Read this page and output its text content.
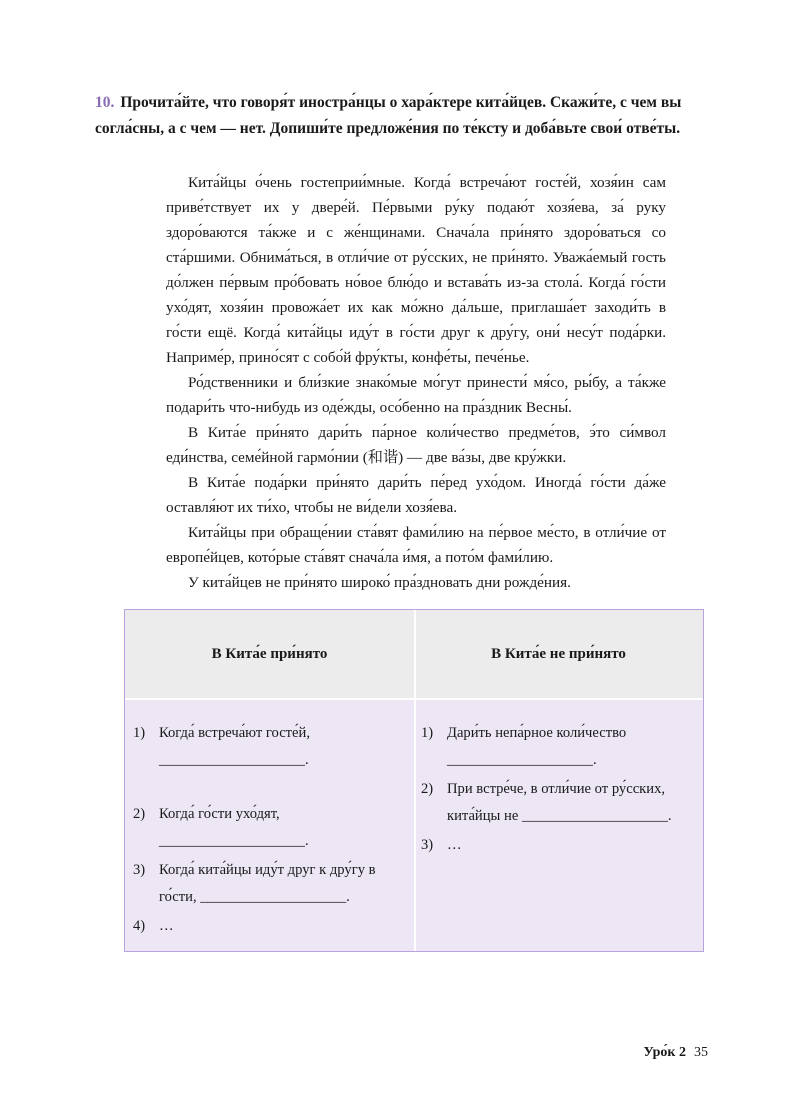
10. Прочита́йте, что говоря́т иностра́нцы о хара́ктере кита́йцев. Скажи́те, с чем вы согла́сны, а с чем — нет. Допиши́те предложе́ния по те́ксту и доба́вьте свои́ отве́ты.

Кита́йцы о́чень гостеприи́мные. Когда́ встреча́ют госте́й, хозя́ин сам приве́тствует их у двере́й. Пе́рвыми ру́ку подаю́т хозя́ева, за́ руку здоро́ваются та́кже и с же́нщинами. Снача́ла при́нято здоро́ваться со ста́ршими. Обнима́ться, в отли́чие от ру́сских, не при́нято. Уважа́емый гость до́лжен пе́рвым про́бовать но́вое блю́до и встава́ть из-за стола́. Когда́ го́сти ухо́дят, хозя́ин провожа́ет их как мо́жно да́льше, приглаша́ет заходи́ть в го́сти ещё. Когда́ кита́йцы иду́т в го́сти друг к дру́гу, они́ несу́т пода́рки. Наприме́р, прино́сят с собо́й фру́кты, конфе́ты, пече́нье.

Ро́дственники и бли́зкие знако́мые мо́гут принести́ мя́со, ры́бу, а та́кже подари́ть что-нибудь из оде́жды, осо́бенно на пра́здник Весны́.

В Кита́е при́нято дари́ть па́рное коли́чество предме́тов, э́то си́мвол еди́нства, семе́йной гармо́нии (和谐) — две ва́зы, две кру́жки.

В Кита́е пода́рки при́нято дари́ть пе́ред ухо́дом. Иногда́ го́сти да́же оставля́ют их ти́хо, чтобы не ви́дели хозя́ева.

Кита́йцы при обраще́нии ста́вят фами́лию на пе́рвое ме́сто, в отли́чие от европе́йцев, кото́рые ста́вят снача́ла и́мя, а пото́м фами́лию.

У кита́йцев не при́нято широко́ пра́здновать дни рожде́ния.

В Кита́е при́нято	В Кита́е не при́нято
1) Когда́ встреча́ют госте́й, ____________________.
2) Когда́ го́сти ухо́дят, ____________________.
3) Когда́ кита́йцы иду́т друг к дру́гу в го́сти, ____________________.
4) …
1) Дари́ть непа́рное коли́чество ____________________.
2) При встре́че, в отли́чие от ру́сских, кита́йцы не ____________________.
3) …
Уро́к 2 35
